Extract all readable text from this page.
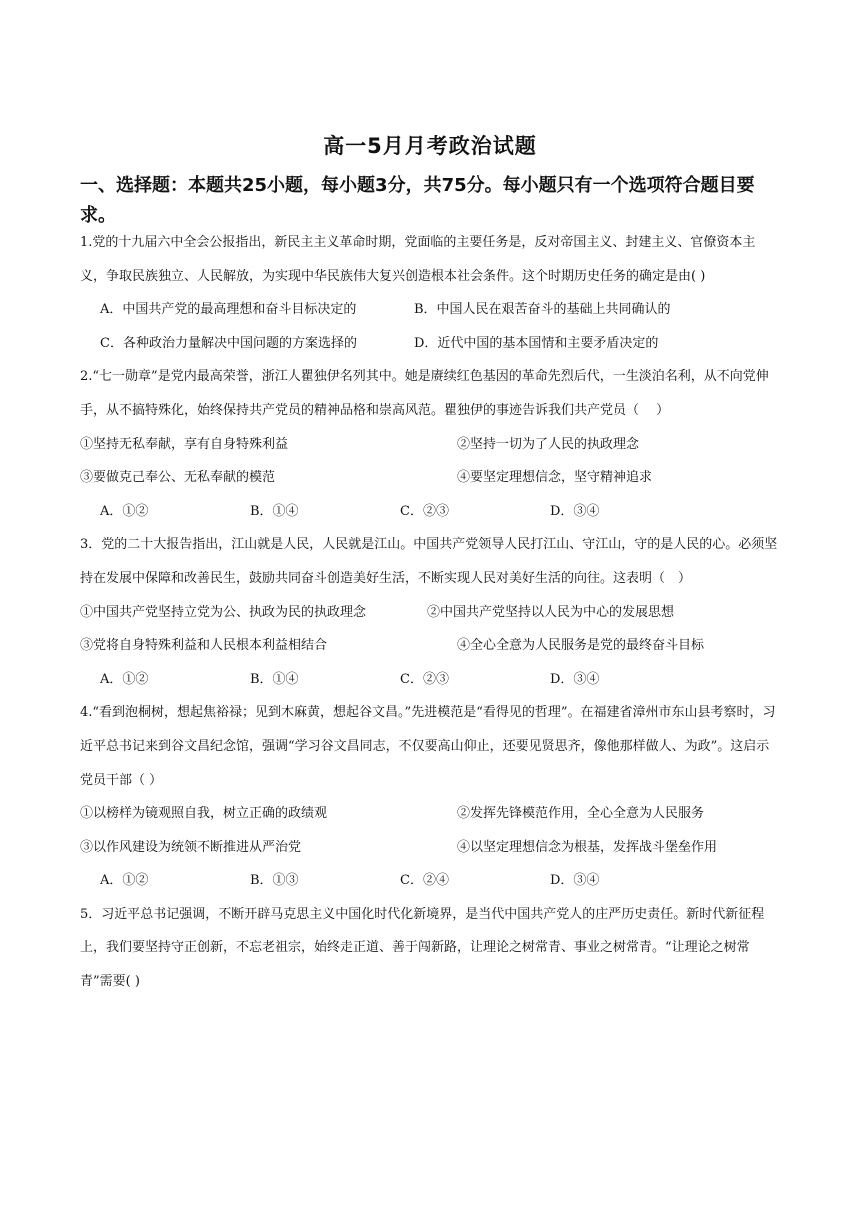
高一5月月考政治试题
一、选择题：本题共25小题，每小题3分，共75分。每小题只有一个选项符合题目要求。

1.党的十九届六中全会公报指出，新民主主义革命时期，党面临的主要任务是，反对帝国主义、封建主义、官僚资本主义，争取民族独立、人民解放，为实现中华民族伟大复兴创造根本社会条件。这个时期历史任务的确定是由( )

A．中国共产党的最高理想和奋斗目标决定的	B．中国人民在艰苦奋斗的基础上共同确认的
C．各种政治力量解决中国问题的方案选择的	D．近代中国的基本国情和主要矛盾决定的

2.“七一勋章”是党内最高荣誉，浙江人瞿独伊名列其中。她是赓续红色基因的革命先烈后代，一生淡泊名利，从不向党伸手，从不搞特殊化，始终保持共产党员的精神品格和崇高风范。瞿独伊的事迹告诉我们共产党员（　 ）

①坚持无私奉献，享有自身特殊利益	②坚持一切为了人民的执政理念
③要做克己奉公、无私奉献的模范	④要坚定理想信念，坚守精神追求
A．①②	B．①④	C．②③	D．③④

3．党的二十大报告指出，江山就是人民，人民就是江山。中国共产党领导人民打江山、守江山，守的是人民的心。必须坚持在发展中保障和改善民生，鼓励共同奋斗创造美好生活，不断实现人民对美好生活的向往。这表明（　）

①中国共产党坚持立党为公、执政为民的执政理念	②中国共产党坚持以人民为中心的发展思想
③党将自身特殊利益和人民根本利益相结合	④全心全意为人民服务是党的最终奋斗目标
A．①②	B．①④	C．②③	D．③④

4.“看到泡桐树，想起焦裕禄；见到木麻黄，想起谷文昌。”先进模范是“看得见的哲理”。在福建省漳州市东山县考察时，习近平总书记来到谷文昌纪念馆，强调“学习谷文昌同志，不仅要高山仰止，还要见贤思齐，像他那样做人、为政”。这启示党员干部（ ）

①以榜样为镜观照自我，树立正确的政绩观	②发挥先锋模范作用，全心全意为人民服务
③以作风建设为统领不断推进从严治党	④以坚定理想信念为根基，发挥战斗堡垒作用
A．①②	B．①③	C．②④	D．③④

5．习近平总书记强调，不断开辟马克思主义中国化时代化新境界，是当代中国共产党人的庄严历史责任。新时代新征程上，我们要坚持守正创新，不忘老祖宗，始终走正道、善于闯新路，让理论之树常青、事业之树常青。“让理论之树常青”需要( )
